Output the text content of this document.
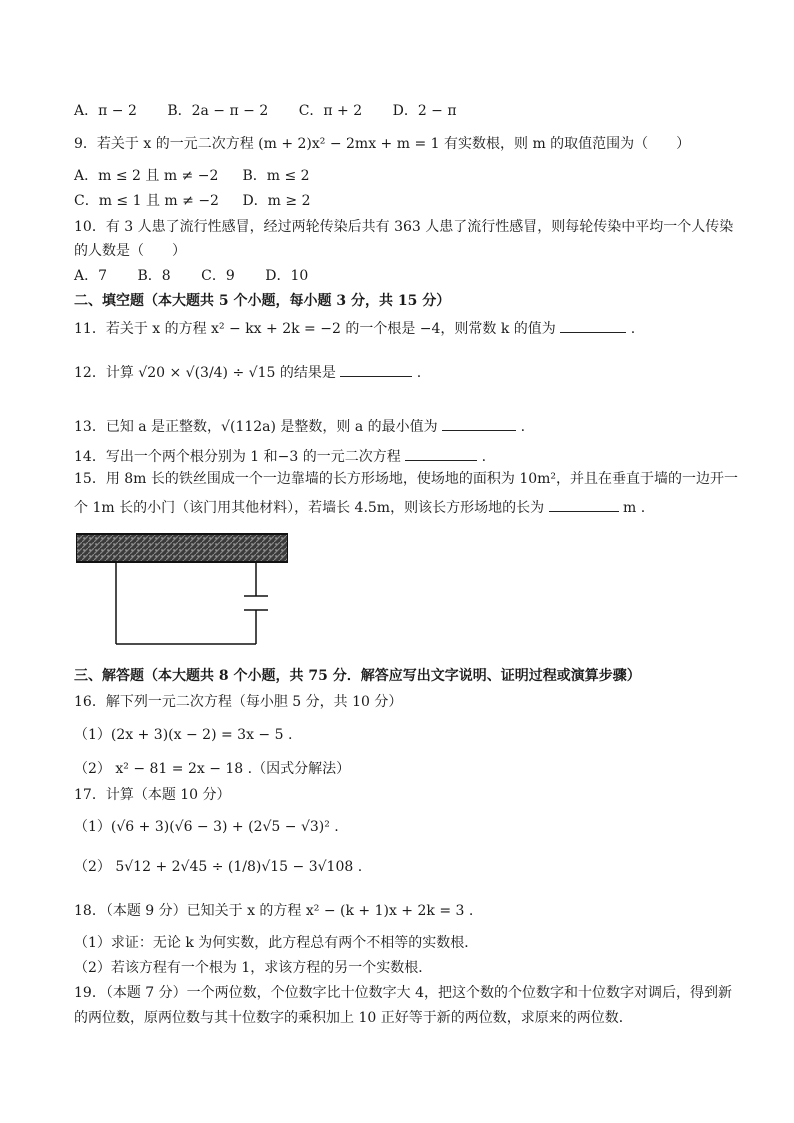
A．π − 2 B．2a − π − 2 C．π + 2 D．2 − π
9．若关于 x 的一元二次方程 (m + 2)x² − 2mx + m = 1 有实数根，则 m 的取值范围为（　　）
A．m ≤ 2 且 m ≠ −2 B．m ≤ 2
C．m ≤ 1 且 m ≠ −2 D．m ≥ 2
10．有 3 人患了流行性感冒，经过两轮传染后共有 363 人患了流行性感冒，则每轮传染中平均一个人传染
的人数是（　　）
A．7 B．8 C．9 D．10
二、填空题（本大题共 5 个小题，每小题 3 分，共 15 分）
11．若关于 x 的方程 x² − kx + 2k = −2 的一个根是 −4，则常数 k 的值为	.
12．计算 √20 × √(3/4) ÷ √15 的结果是	.
13．已知 a 是正整数，√(112a) 是整数，则 a 的最小值为	.
14．写出一个两个根分别为 1 和−3 的一元二次方程	.
15．用 8m 长的铁丝围成一个一边靠墙的长方形场地，使场地的面积为 10m²，并且在垂直于墙的一边开一
个 1m 长的小门（该门用其他材料），若墙长 4.5m，则该长方形场地的长为	m .
三、解答题（本大题共 8 个小题，共 75 分．解答应写出文字说明、证明过程或演算步骤）
16．解下列一元二次方程（每小胆 5 分，共 10 分）
（1）(2x + 3)(x − 2) = 3x − 5 .
（2） x² − 81 = 2x − 18 .（因式分解法）
17．计算（本题 10 分）
（1）(√6 + 3)(√6 − 3) + (2√5 − √3)² .
（2） 5√12 + 2√45 ÷ (1/8)√15 − 3√108 .
18．（本题 9 分）已知关于 x 的方程 x² − (k + 1)x + 2k = 3 .
（1）求证：无论 k 为何实数，此方程总有两个不相等的实数根．
（2）若该方程有一个根为 1，求该方程的另一个实数根．
19．（本题 7 分）一个两位数，个位数字比十位数字大 4，把这个数的个位数字和十位数字对调后，得到新
的两位数，原两位数与其十位数字的乘积加上 10 正好等于新的两位数，求原来的两位数．
